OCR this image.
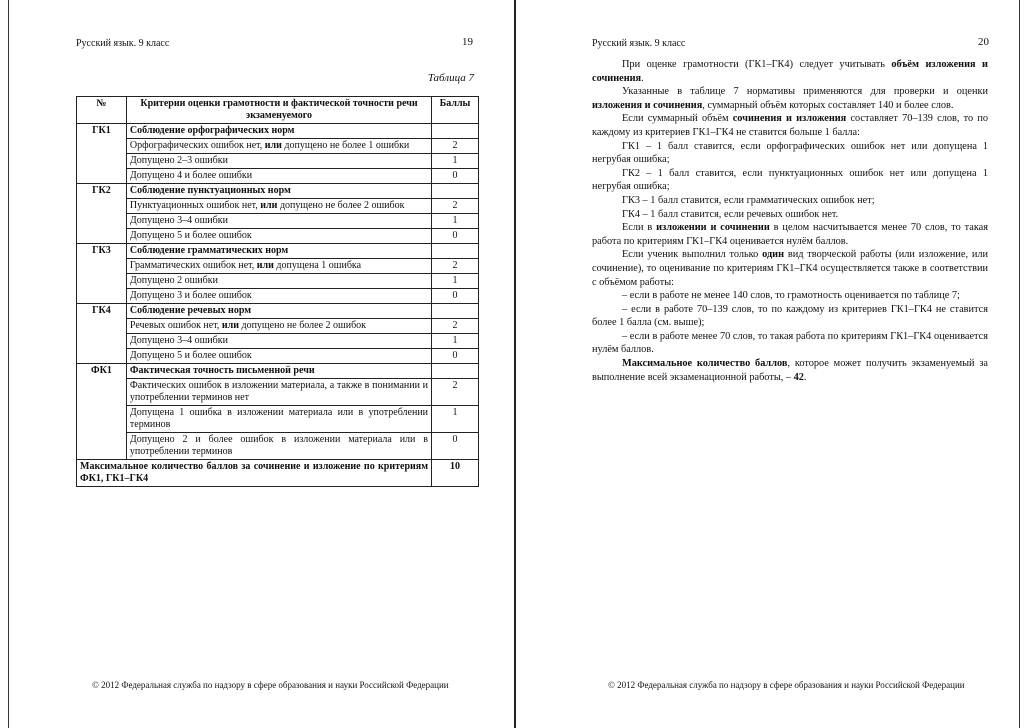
Русский язык. 9 класс	19
Таблица 7
№	Критерии оценки грамотности и фактической точности речи экзаменуемого	Баллы
ГК1	Соблюдение орфографических норм	
	Орфографических ошибок нет, или допущено не более 1 ошибки	2
	Допущено 2–3 ошибки	1
	Допущено 4 и более ошибки	0
ГК2	Соблюдение пунктуационных норм	
	Пунктуационных ошибок нет, или допущено не более 2 ошибок	2
	Допущено 3–4 ошибки	1
	Допущено 5 и более ошибок	0
ГК3	Соблюдение грамматических норм	
	Грамматических ошибок нет, или допущена 1 ошибка	2
	Допущено 2 ошибки	1
	Допущено 3 и более ошибок	0
ГК4	Соблюдение речевых норм	
	Речевых ошибок нет, или допущено не более 2 ошибок	2
	Допущено 3–4 ошибки	1
	Допущено 5 и более ошибок	0
ФК1	Фактическая точность письменной речи	
	Фактических ошибок в изложении материала, а также в понимании и употреблении терминов нет	2
	Допущена 1 ошибка в изложении материала или в употреблении терминов	1
	Допущено 2 и более ошибок в изложении материала или в употреблении терминов	0
Максимальное количество баллов за сочинение и изложение по критериям ФК1, ГК1–ГК4		10
© 2012 Федеральная служба по надзору в сфере образования и науки Российской Федерации
Русский язык. 9 класс	20
© 2012 Федеральная служба по надзору в сфере образования и науки Российской Федерации

При оценке грамотности (ГК1–ГК4) следует учитывать объём изложения и сочинения.

Указанные в таблице 7 нормативы применяются для проверки и оценки изложения и сочинения, суммарный объём которых составляет 140 и более слов.

Если суммарный объём сочинения и изложения составляет 70–139 слов, то по каждому из критериев ГК1–ГК4 не ставится больше 1 балла:

ГК1 – 1 балл ставится, если орфографических ошибок нет или допущена 1 негрубая ошибка;

ГК2 – 1 балл ставится, если пунктуационных ошибок нет или допущена 1 негрубая ошибка;

ГК3 – 1 балл ставится, если грамматических ошибок нет;

ГК4 – 1 балл ставится, если речевых ошибок нет.

Если в изложении и сочинении в целом насчитывается менее 70 слов, то такая работа по критериям ГК1–ГК4 оценивается нулём баллов.

Если ученик выполнил только один вид творческой работы (или изложение, или сочинение), то оценивание по критериям ГК1–ГК4 осуществляется также в соответствии с объёмом работы:

– если в работе не менее 140 слов, то грамотность оценивается по таблице 7;

– если в работе 70–139 слов, то по каждому из критериев ГК1–ГК4 не ставится более 1 балла (см. выше);

– если в работе менее 70 слов, то такая работа по критериям ГК1–ГК4 оценивается нулём баллов.

Максимальное количество баллов, которое может получить экзаменуемый за выполнение всей экзаменационной работы, – 42.
